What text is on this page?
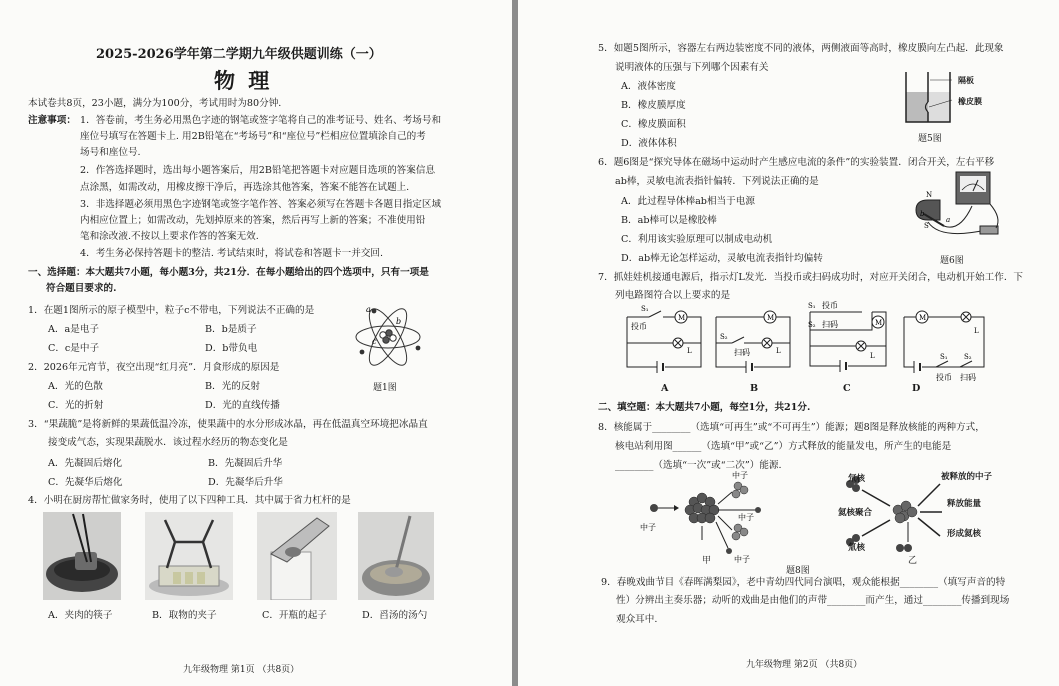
2025-2026学年第二学期九年级供题训练（一）
物 理
本试卷共8页，23小题，满分为100分，考试用时为80分钟.
注意事项： 1．答卷前，考生务必用黑色字迹的钢笔或签字笔将自己的准考证号、姓名、考场号和
座位号填写在答题卡上. 用2B铅笔在“考场号”和“座位号”栏相应位置填涂自己的考
场号和座位号.
2．作答选择题时，选出每小题答案后，用2B铅笔把答题卡对应题目选项的答案信息
点涂黑，如需改动，用橡皮擦干净后，再选涂其他答案，答案不能答在试题上.
3．非选择题必须用黑色字迹钢笔或签字笔作答、答案必须写在答题卡各题目指定区域
内相应位置上；如需改动，先划掉原来的答案，然后再写上新的答案；不准使用铅
笔和涂改液.不按以上要求作答的答案无效.
4．考生务必保持答题卡的整洁. 考试结束时，将试卷和答题卡一并交回.
一、选择题：本大题共7小题，每小题3分，共21分．在每小题给出的四个选项中，只有一项是
符合题目要求的.
1．在题1图所示的原子模型中，粒子c不带电，下列说法不正确的是
A．a是电子	B．b是质子
C．c是中子	D．b带负电
a
b
c
题1图
2．2026年元宵节，夜空出现“红月亮”．月食形成的原因是
A．光的色散	B．光的反射
C．光的折射	D．光的直线传播
3．“果蔬脆”是将新鲜的果蔬低温冷冻，使果蔬中的水分形成冰晶，再在低温真空环境把冰晶直
接变成气态，实现果蔬脱水．该过程水经历的物态变化是
A．先凝固后熔化	B．先凝固后升华
C．先凝华后熔化	D．先凝华后升华
4．小明在厨房帮忙做家务时，使用了以下四种工具．其中属于省力杠杆的是
A．夹肉的筷子	B．取物的夹子	C．开瓶的起子	D．舀汤的汤勺
九年级物理 第1页 （共8页）
5．如题5图所示，容器左右两边装密度不同的液体，两侧液面等高时，橡皮膜向左凸起．此现象
说明液体的压强与下列哪个因素有关
A．液体密度
B．橡皮膜厚度
C．橡皮膜面积
D．液体体积
隔板
橡皮膜
题5图
6．题6图是“探究导体在磁场中运动时产生感应电流的条件”的实验装置．闭合开关，左右平移
ab棒，灵敏电流表指针偏转．下列说法正确的是
A．此过程导体棒ab相当于电源
B．ab棒可以是橡胶棒
C．利用该实验原理可以制成电动机
D．ab棒无论怎样运动，灵敏电流表指针均偏转
N
S
a
b
题6图
7．抓娃娃机接通电源后，指示灯L发光．当投币或扫码成功时，对应开关闭合，电动机开始工作．下
列电路图符合以上要求的是
M
S₁
投币
L
A
M
S₂
扫码	L
B
M
S₁ 投币
S₂ 扫码
L
C
M
L
S₁ S₂
投币 扫码
D
二、填空题：本大题共7小题，每空1分，共21分.
8．核能属于________（选填“可再生”或“不可再生”）能源；题8图是释放核能的两种方式，
核电站利用图______（选填“甲”或“乙”）方式释放的能量发电，所产生的电能是
________（选填“一次”或“二次”）能源.
中子
中子
中子
中子
甲
氘核
氦核聚合
氚核
被释放的中子
释放能量
形成氦核
乙
题8图
9．春晚戏曲节目《春晖满梨园》，老中青幼四代同台演唱，观众能根据________（填写声音的特
性）分辨出主奏乐器；动听的戏曲是由他们的声带________而产生，通过________传播到现场
观众耳中.
九年级物理 第2页 （共8页）
